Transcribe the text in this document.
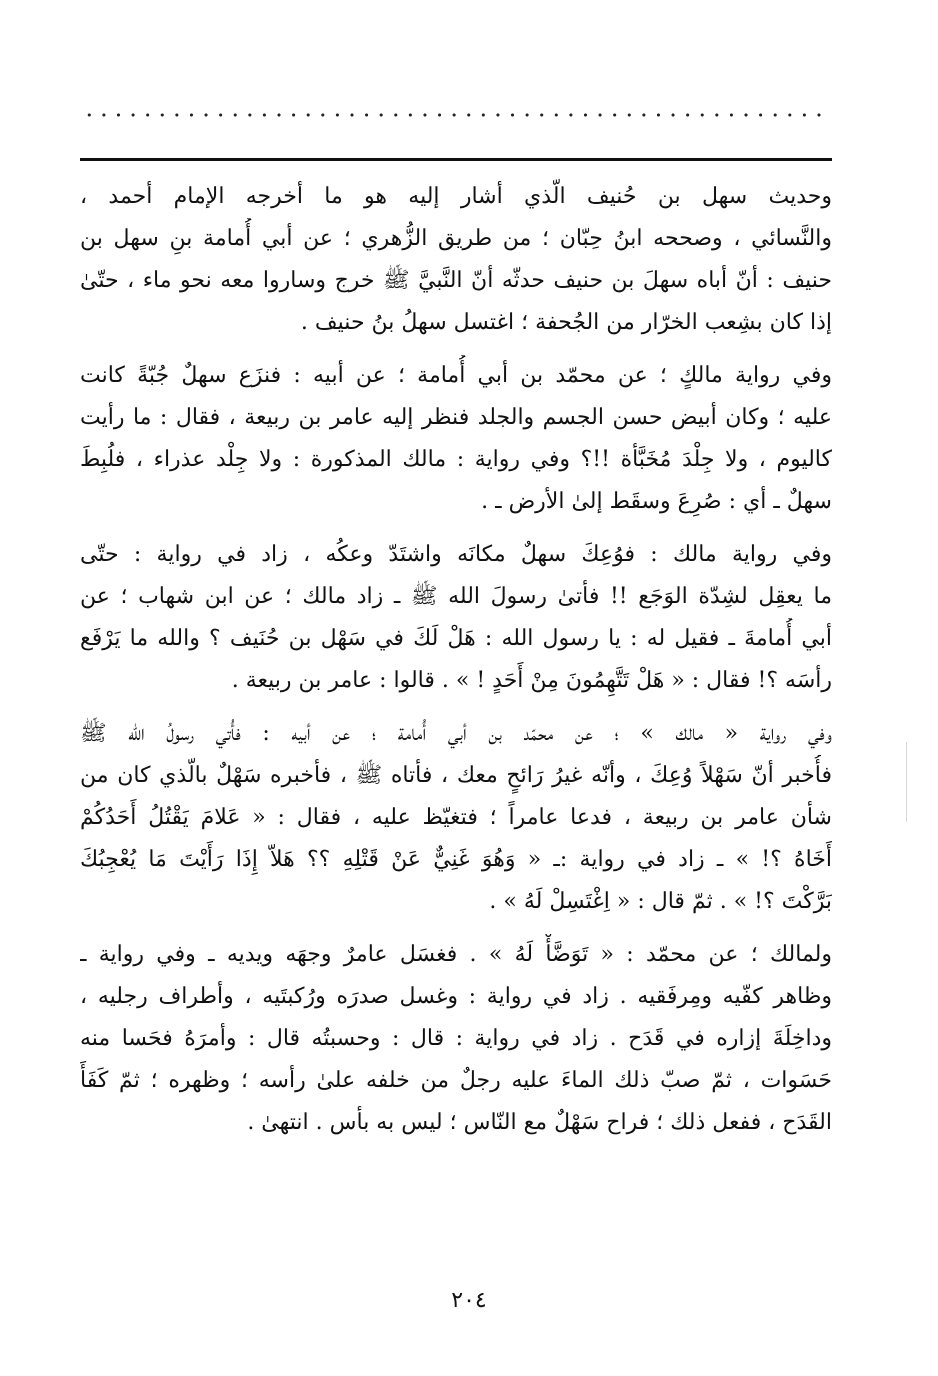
وحديث سهل بن حُنيف الّذي أشار إليه هو ما أخرجه الإمام أحمد ،
والنَّسائي ، وصححه ابنُ حِبّان ؛ من طريق الزُّهري ؛ عن أبي أُمامة بنِ سهل بن
حنيف : أنّ أباه سهلَ بن حنيف حدثّه أنّ النَّبيَّ ﷺ خرج وساروا معه نحو ماء ، حتّىٰ
إذا كان بشِعب الخرّار من الجُحفة ؛ اغتسل سهلُ بنُ حنيف .
وفي رواية مالكٍ ؛ عن محمّد بن أبي أُمامة ؛ عن أبيه : فنزَع سهلٌ جُبّةً كانت
عليه ؛ وكان أبيض حسن الجسم والجلد فنظر إليه عامر بن ربيعة ، فقال : ما رأيت
كاليوم ، ولا جِلْدَ مُخَبَّأة !!؟ وفي رواية : مالك المذكورة : ولا جِلْد عذراء ، فلُبِطَ
سهلٌ ـ أي : صُرِعَ وسقَط إلىٰ الأرض ـ .
وفي رواية مالك : فوُعِكَ سهلٌ مكانَه واشتَدّ وعكُه ، زاد في رواية : حتّى
ما يعقِل لشِدّة الوَجَع !! فأتىٰ رسولَ الله ﷺ ـ زاد مالك ؛ عن ابن شهاب ؛ عن
أبي أُمامةَ ـ فقيل له : يا رسول الله : هَلْ لَكَ في سَهْل بن حُنَيف ؟ والله ما يَرْفَع
رأسَه ؟! فقال : « هَلْ تَتَّهِمُونَ مِنْ أَحَدٍ ! » . قالوا : عامر بن ربيعة .
وفي رواية « مالك » ؛ عن محمّد بن أبي أُمامة ؛ عن أبيه : فأُتي رسولُ الله ﷺ
فأُخبر أنّ سَهْلاً وُعِكَ ، وأنّه غيرُ رَائحٍ معك ، فأتاه ﷺ ، فأخبره سَهْلٌ بالّذي كان من
شأن عامر بن ربيعة ، فدعا عامراً ؛ فتغيّظ عليه ، فقال : « عَلامَ يَقْتُلُ أَحَدُكُمْ
أَخَاهُ ؟! » ـ زاد في رواية :ـ « وَهُوَ غَنِيٌّ عَنْ قَتْلِهِ ؟؟ هَلاّ إِذَا رَأَيْتَ مَا يُعْجِبُكَ
بَرَّكْتَ ؟! » . ثمّ قال : « اِغْتَسِلْ لَهُ » .
ولمالك ؛ عن محمّد : « تَوَضَّأْ لَهُ » . فغسَل عامرٌ وجهَه ويديه ـ وفي رواية ـ
وظاهر كفّيه ومِرفَقيه . زاد في رواية : وغسل صدرَه ورُكبتَيه ، وأطراف رجليه ،
وداخِلَةَ إزاره في قَدَح . زاد في رواية : قال : وحسبتُه قال : وأمرَهُ فحَسا منه
حَسَوات ، ثمّ صبّ ذلك الماءَ عليه رجلٌ من خلفه علىٰ رأسه ؛ وظهره ؛ ثمّ كَفَأَ
القَدَح ، ففعل ذلك ؛ فراح سَهْلٌ مع النّاس ؛ ليس به بأس . انتهىٰ .
٢٠٤
